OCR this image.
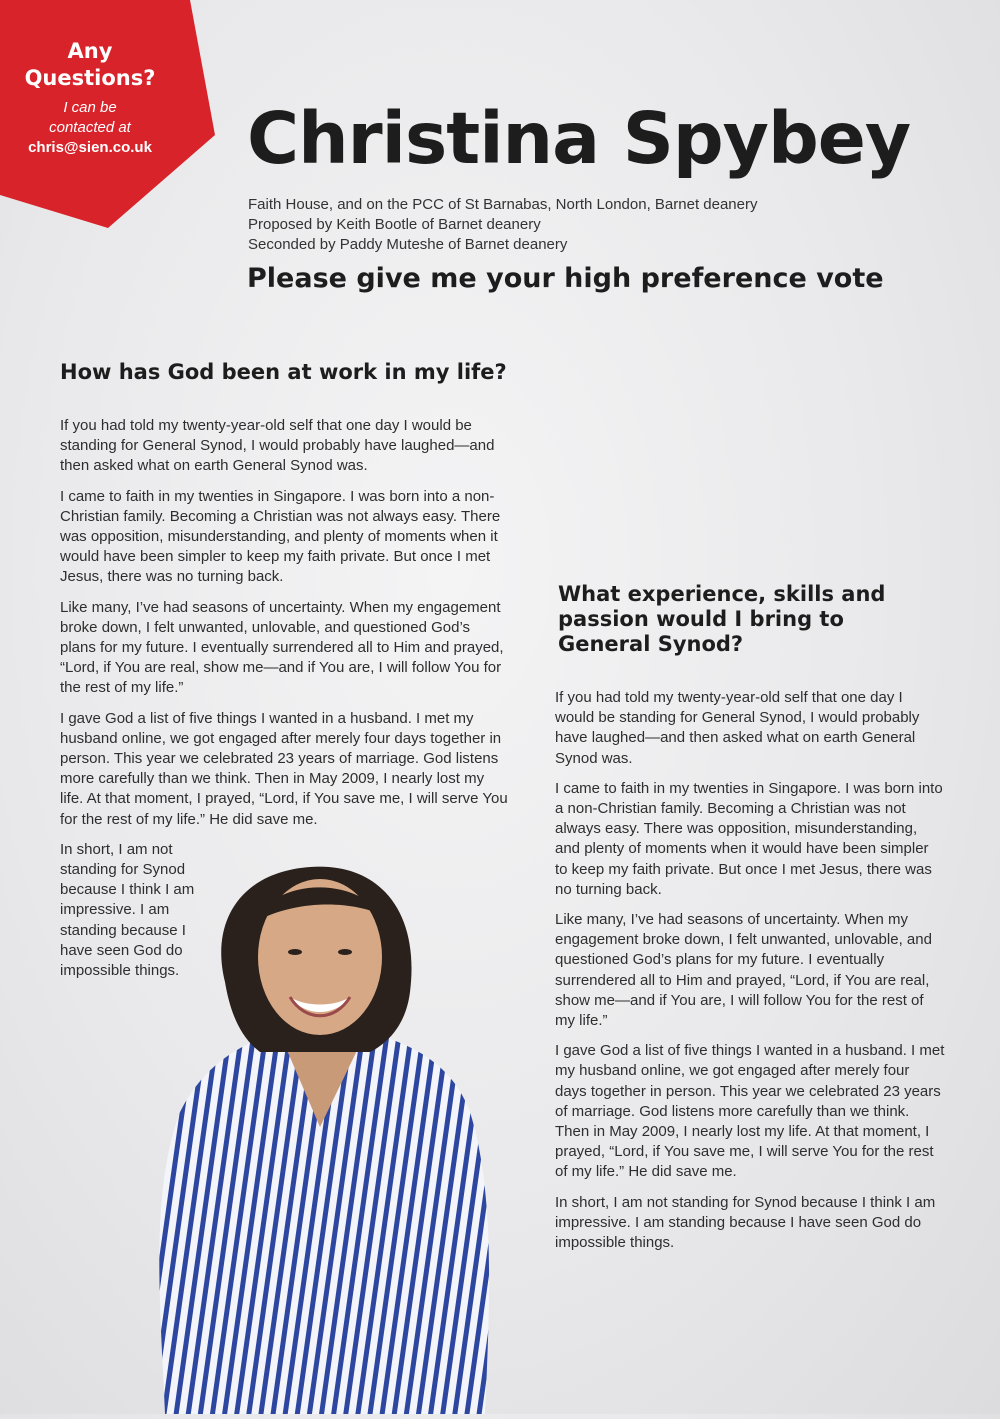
Any
Questions?
I can be
contacted at
chris@sien.co.uk	Christina Spybey
Faith House, and on the PCC of St Barnabas, North London, Barnet deanery
Proposed by Keith Bootle of Barnet deanery
Seconded by Paddy Muteshe of Barnet deanery
Please give me your high preference vote
How has God been at work in my life?

If you had told my twenty-year-old self that one day I would be standing for General Synod, I would probably have laughed—and then asked what on earth General Synod was.

I came to faith in my twenties in Singapore. I was born into a non-Christian family. Becoming a Christian was not always easy. There was opposition, misunderstanding, and plenty of moments when it would have been simpler to keep my faith private. But once I met Jesus, there was no turning back.

Like many, I’ve had seasons of uncertainty. When my engagement broke down, I felt unwanted, unlovable, and questioned God’s plans for my future. I eventually surrendered all to Him and prayed, “Lord, if You are real, show me—and if You are, I will follow You for the rest of my life.”

I gave God a list of five things I wanted in a husband. I met my husband online, we got engaged after merely four days together in person. This year we celebrated 23 years of marriage. God listens more carefully than we think. Then in May 2009, I nearly lost my life. At that moment, I prayed, “Lord, if You save me, I will serve You for the rest of my life.” He did save me.

In short, I am not standing for Synod because I think I am impressive. I am standing because I have seen God do impossible things.

What experience, skills and passion would I bring to General Synod?

If you had told my twenty-year-old self that one day I would be standing for General Synod, I would probably have laughed—and then asked what on earth General Synod was.

I came to faith in my twenties in Singapore. I was born into a non-Christian family. Becoming a Christian was not always easy. There was opposition, misunderstanding, and plenty of moments when it would have been simpler to keep my faith private. But once I met Jesus, there was no turning back.

Like many, I’ve had seasons of uncertainty. When my engagement broke down, I felt unwanted, unlovable, and questioned God’s plans for my future. I eventually surrendered all to Him and prayed, “Lord, if You are real, show me—and if You are, I will follow You for the rest of my life.”

I gave God a list of five things I wanted in a husband. I met my husband online, we got engaged after merely four days together in person. This year we celebrated 23 years of marriage. God listens more carefully than we think. Then in May 2009, I nearly lost my life. At that moment, I prayed, “Lord, if You save me, I will serve You for the rest of my life.” He did save me.

In short, I am not standing for Synod because I think I am impressive. I am standing because I have seen God do impossible things.
